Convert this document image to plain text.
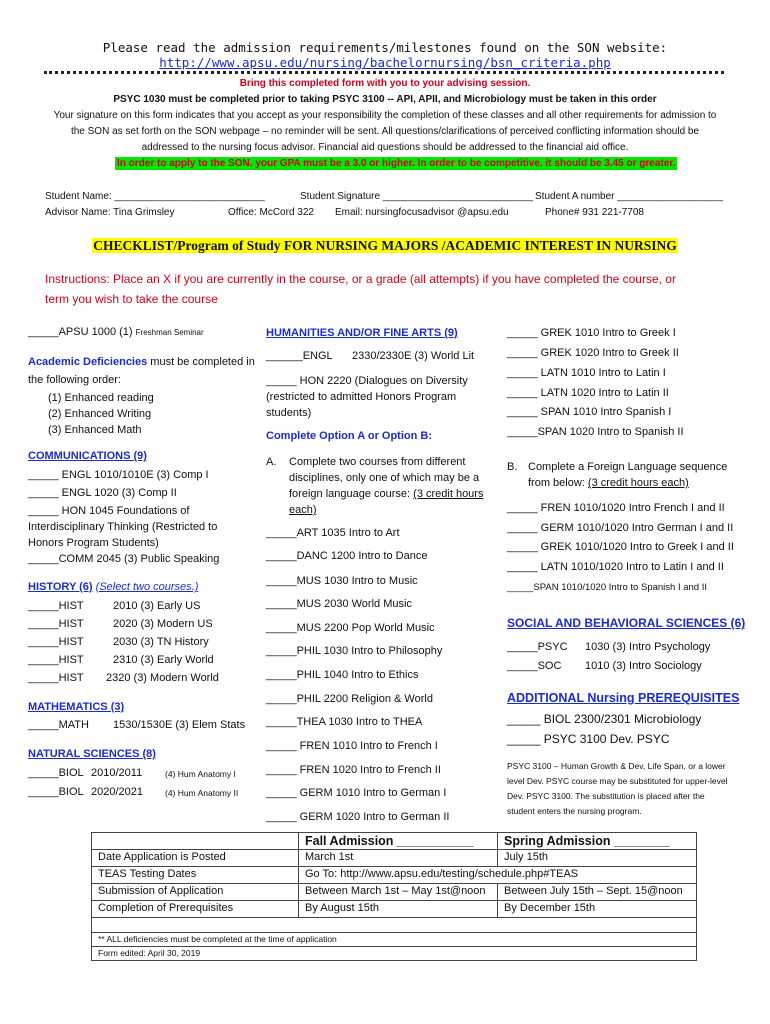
Please read the admission requirements/milestones found on the SON website:
http://www.apsu.edu/nursing/bachelornursing/bsn_criteria.php
Bring this completed form with you to your advising session.
PSYC 1030 must be completed prior to taking PSYC 3100 -- API, APII, and Microbiology must be taken in this order
Your signature on this form indicates that you accept as your responsibility the completion of these classes and all other requirements for admission to
the SON as set forth on the SON webpage – no reminder will be sent. All questions/clarifications of perceived conflicting information should be
addressed to the nursing focus advisor. Financial aid questions should be addressed to the financial aid office.
In order to apply to the SON, your GPA must be a 3.0 or higher. In order to be competitive, it should be 3.45 or greater.
Student Name: ___________________________	Student Signature ___________________________ Student A number ___________________
Advisor Name: Tina Grimsley	Office: McCord 322 Email: nursingfocusadvisor @apsu.edu	Phone# 931 221-7708
CHECKLIST/Program of Study FOR NURSING MAJORS /ACADEMIC INTEREST IN NURSING
Instructions: Place an X if you are currently in the course, or a grade (all attempts) if you have completed the course, or
term you wish to take the course
_____APSU 1000 (1) Freshman Seminar
Academic Deficiencies must be completed in
the following order:
(1) Enhanced reading
(2) Enhanced Writing
(3) Enhanced Math
COMMUNICATIONS (9)
_____ ENGL 1010/1010E (3) Comp I
_____ ENGL 1020 (3) Comp II
_____ HON 1045 Foundations of
Interdisciplinary Thinking (Restricted to
Honors Program Students)
_____COMM 2045 (3) Public Speaking
HISTORY (6) (Select two courses.)
_____HIST	2010 (3) Early US
_____HIST	2020 (3) Modern US
_____HIST	2030 (3) TN History
_____HIST	2310 (3) Early World
_____HIST 2320 (3) Modern World
MATHEMATICS (3)
_____MATH 1530/1530E (3) Elem Stats
NATURAL SCIENCES (8)
_____BIOL 2010/2011	(4) Hum Anatomy I
_____BIOL 2020/2021	(4) Hum Anatomy II
HUMANITIES AND/OR FINE ARTS (9)
______ENGL 2330/2330E (3) World Lit
_____ HON 2220 (Dialogues on Diversity
(restricted to admitted Honors Program
students)
Complete Option A or Option B:
A. Complete two courses from different
disciplines, only one of which may be a
foreign language course: (3 credit hours
each)
_____ART 1035 Intro to Art
_____DANC 1200 Intro to Dance
_____MUS 1030 Intro to Music
_____MUS 2030 World Music
_____MUS 2200 Pop World Music
_____PHIL 1030 Intro to Philosophy
_____PHIL 1040 Intro to Ethics
_____PHIL 2200 Religion & World
_____THEA 1030 Intro to THEA
_____ FREN 1010 Intro to French I
_____ FREN 1020 Intro to French II
_____ GERM 1010 Intro to German I
_____ GERM 1020 Intro to German II
_____ GREK 1010 Intro to Greek I
_____ GREK 1020 Intro to Greek II
_____ LATN 1010 Intro to Latin I
_____ LATN 1020 Intro to Latin II
_____ SPAN 1010 Intro Spanish I
_____SPAN 1020 Intro to Spanish II
B. Complete a Foreign Language sequence
from below: (3 credit hours each)
_____ FREN 1010/1020 Intro French I and II
_____ GERM 1010/1020 Intro German I and II
_____ GREK 1010/1020 Intro to Greek I and II
_____ LATN 1010/1020 Intro to Latin I and II
_____SPAN 1010/1020 Intro to Spanish I and II
SOCIAL AND BEHAVIORAL SCIENCES (6)
_____PSYC 1030 (3) Intro Psychology
_____SOC 1010 (3) Intro Sociology
ADDITIONAL Nursing PREREQUISITES
_____ BIOL 2300/2301 Microbiology
_____ PSYC 3100 Dev. PSYC
PSYC 3100 – Human Growth & Dev, Life Span, or a lower
level Dev. PSYC course may be substituted for upper-level
Dev. PSYC 3100. The substitution is placed after the
student enters the nursing program.
	Fall Admission ___________	Spring Admission ________
Date Application is Posted	March 1st	July 15th
TEAS Testing Dates	Go To: http://www.apsu.edu/testing/schedule.php#TEAS	
Submission of Application	Between March 1st – May 1st@noon	Between July 15th – Sept. 15@noon
Completion of Prerequisites	By August 15th	By December 15th

** ALL deficiencies must be completed at the time of application		
Form edited: April 30, 2019		
